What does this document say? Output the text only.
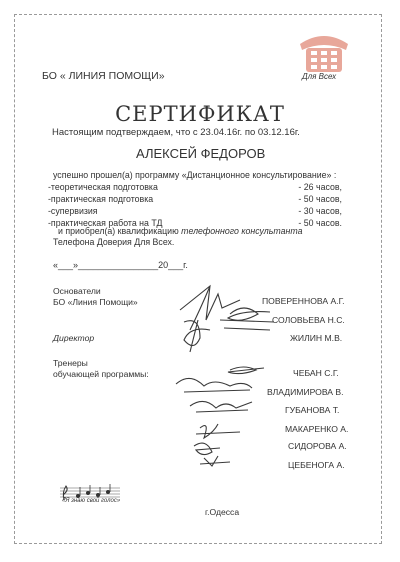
БО « ЛИНИЯ ПОМОЩИ»	Для Всех
СЕРТИФИКАТ
Настоящим подтверждаем, что с 23.04.16г. по 03.12.16г.
АЛЕКСЕЙ ФЕДОРОВ
успешно прошел(а) программу «Дистанционное консультирование» :
-теоретическая подготовка	- 26 часов,
-практическая подготовка	- 50 часов,
-супервизия	- 30 часов,
-практическая работа на ТД	- 50 часов.
и приобрел(а) квалификацию телефонного консультанта
Телефона Доверия Для Всех.
«___»________________20___г.
Основатели
БО «Линия Помощи»	ПОВЕРЕННОВА А.Г.
СОЛОВЬЕВА Н.С.
Директор	ЖИЛИН М.В.
Тренеры
обучающей программы:	ЧЕБАН С.Г.
ВЛАДИМИРОВА В.
ГУБАНОВА Т.
МАКАРЕНКО А.
СИДОРОВА А.
ЦЕБЕНОГА А.
«Я знаю свой голос»
г.Одесса
